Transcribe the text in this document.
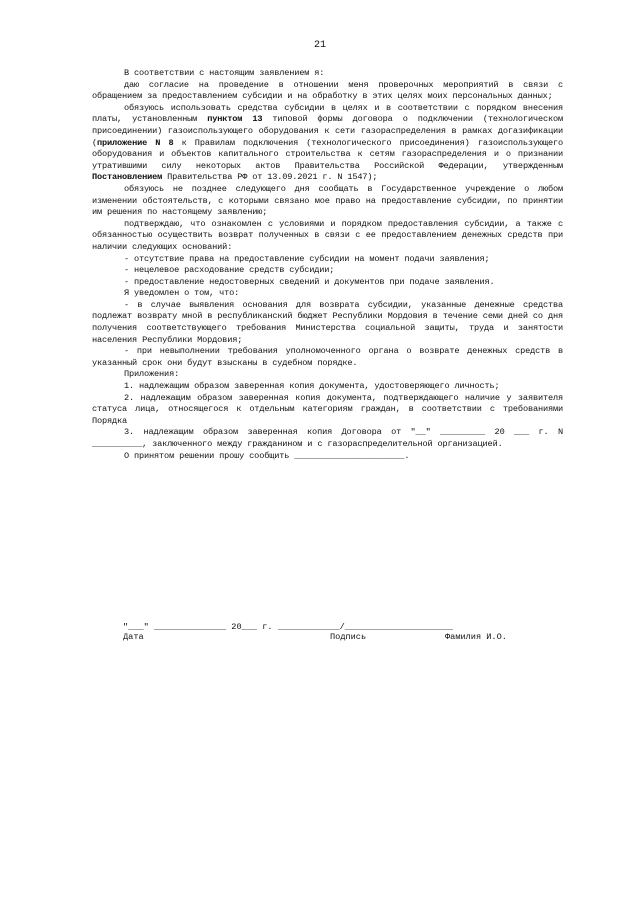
21

В соответствии с настоящим заявлением я:

даю согласие на проведение в отношении меня проверочных мероприятий в связи с обращением за предоставлением субсидии и на обработку в этих целях моих персональных данных;

обязуюсь использовать средства субсидии в целях и в соответствии с порядком внесения платы, установленным пунктом 13 типовой формы договора о подключении (технологическом присоединении) газоиспользующего оборудования к сети газораспределения в рамках догазификации (приложение N 8 к Правилам подключения (технологического присоединения) газоиспользующего оборудования и объектов капитального строительства к сетям газораспределения и о признании утратившими силу некоторых актов Правительства Российской Федерации, утвержденным Постановлением Правительства РФ от 13.09.2021 г. N 1547);

обязуюсь не позднее следующего дня сообщать в Государственное учреждение о любом изменении обстоятельств, с которыми связано мое право на предоставление субсидии, по принятии им решения по настоящему заявлению;

подтверждаю, что ознакомлен с условиями и порядком предоставления субсидии, а также с обязанностью осуществить возврат полученных в связи с ее предоставлением денежных средств при наличии следующих оснований:

- отсутствие права на предоставление субсидии на момент подачи заявления;

- нецелевое расходование средств субсидии;

- предоставление недостоверных сведений и документов при подаче заявления.

Я уведомлен о том, что:

- в случае выявления основания для возврата субсидии, указанные денежные средства подлежат возврату мной в республиканский бюджет Республики Мордовия в течение семи дней со дня получения соответствующего требования Министерства социальной защиты, труда и занятости населения Республики Мордовия;

- при невыполнении требования уполномоченного органа о возврате денежных средств в указанный срок они будут взысканы в судебном порядке.

Приложения:

1. надлежащим образом заверенная копия документа, удостоверяющего личность;

2. надлежащим образом заверенная копия документа, подтверждающего наличие у заявителя статуса лица, относящегося к отдельным категориям граждан, в соответствии с требованиями Порядка

3. надлежащим образом заверенная копия Договора от "__" _________ 20 ___ г. N __________, заключенного между гражданином и с газораспределительной организацией.

О принятом решении прошу сообщить ______________________.

"___" ______________ 20___ г. ____________/_____________________
Дата	Подпись	Фамилия И.О.
